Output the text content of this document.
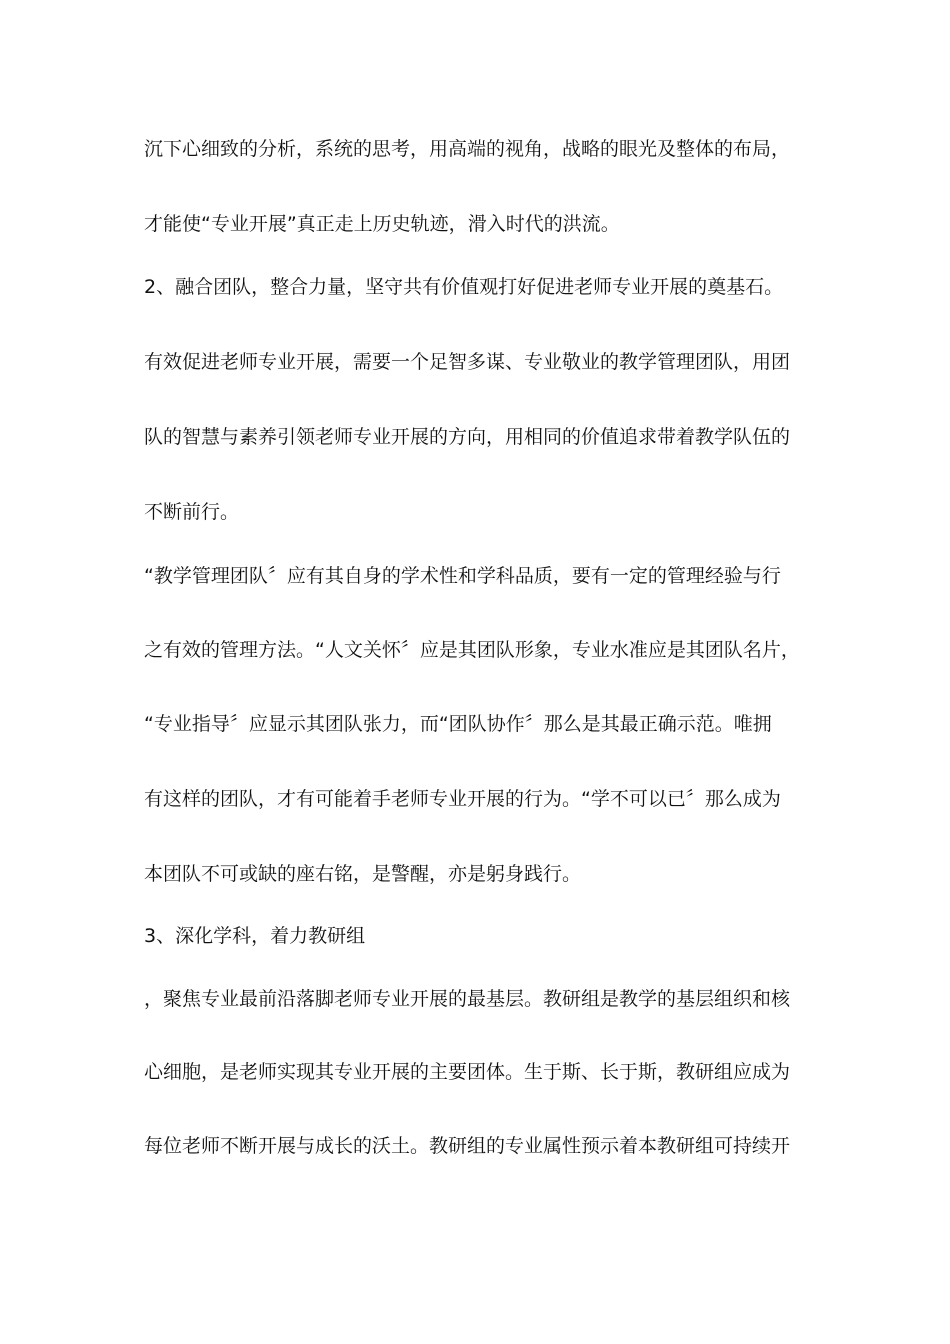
沉下心细致的分析，系统的思考，用高端的视角，战略的眼光及整体的布局，
才能使“专业开展”真正走上历史轨迹，滑入时代的洪流。
2、融合团队，整合力量，坚守共有价值观打好促进老师专业开展的奠基石。
有效促进老师专业开展，需要一个足智多谋、专业敬业的教学管理团队，用团
队的智慧与素养引领老师专业开展的方向，用相同的价值追求带着教学队伍的
不断前行。
“教学管理团队〞应有其自身的学术性和学科品质，要有一定的管理经验与行
之有效的管理方法。“人文关怀〞应是其团队形象，专业水准应是其团队名片，
“专业指导〞应显示其团队张力，而“团队协作〞那么是其最正确示范。唯拥
有这样的团队，才有可能着手老师专业开展的行为。“学不可以已〞那么成为
本团队不可或缺的座右铭，是警醒，亦是躬身践行。
3、深化学科，着力教研组
，聚焦专业最前沿落脚老师专业开展的最基层。教研组是教学的基层组织和核
心细胞，是老师实现其专业开展的主要团体。生于斯、长于斯，教研组应成为
每位老师不断开展与成长的沃土。教研组的专业属性预示着本教研组可持续开
